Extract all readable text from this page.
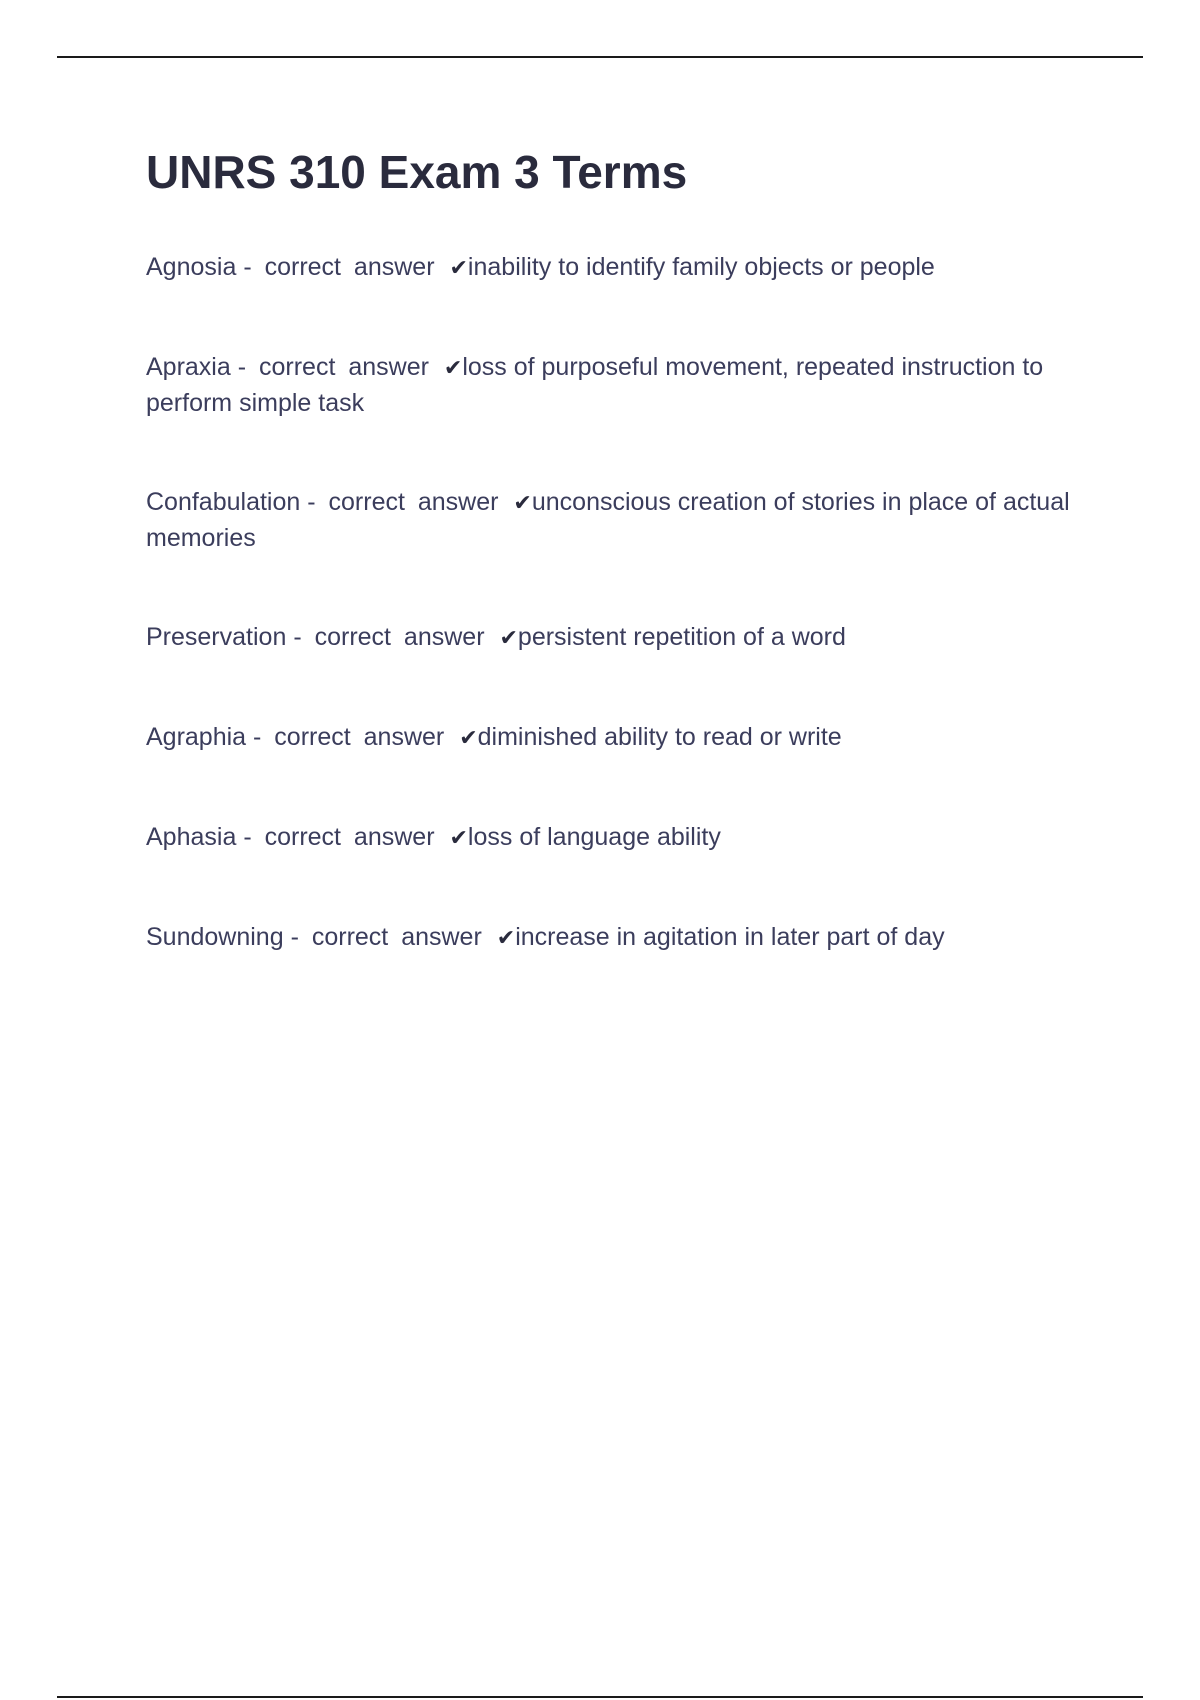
UNRS 310 Exam 3 Terms
Agnosia - correct answer ✔inability to identify family objects or people
Apraxia - correct answer ✔loss of purposeful movement, repeated instruction to perform simple task
Confabulation - correct answer ✔unconscious creation of stories in place of actual memories
Preservation - correct answer ✔persistent repetition of a word
Agraphia - correct answer ✔diminished ability to read or write
Aphasia - correct answer ✔loss of language ability
Sundowning - correct answer ✔increase in agitation in later part of day
